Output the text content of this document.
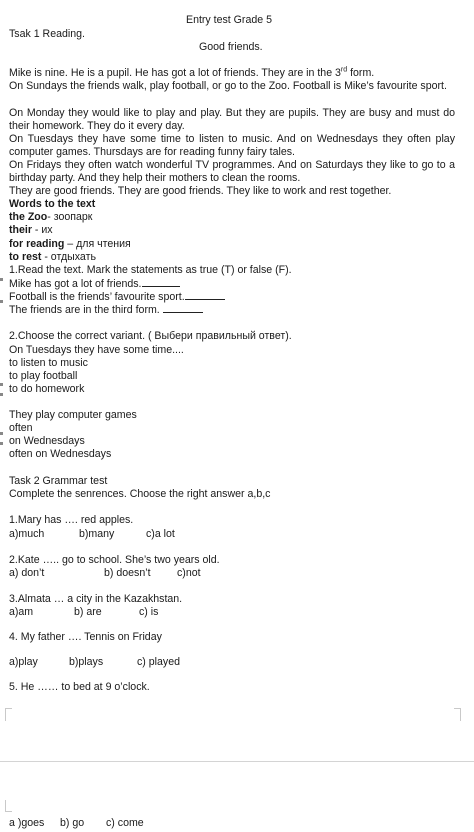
Entry test Grade 5
Tsak 1 Reading.
Good friends.
Mike is nine. He is a pupil. He has got a lot of friends. They are in the 3rd form.
On Sundays the friends walk, play football, or go to the Zoo. Football is Mike’s favourite sport.
On Monday they would like to play and play. But they are pupils. They are busy and must do their homework. They do it every day.
On Tuesdays they have some time to listen to music. And on Wednesdays they often play computer games. Thursdays are for reading funny fairy tales.
On Fridays they often watch wonderful TV programmes. And on Saturdays they like to go to a birthday party. And they help their mothers to clean the rooms.
They are good friends. They are good friends. They like to work and rest together.
Words to the text
the Zoo- зоопарк
their - их
for reading – для чтения
to rest - отдыхать
1.Read the text. Mark the statements as true (T) or false (F).
Mike has got a lot of friends.
Football is the friends’ favourite sport.
The friends are in the third form.
2.Choose the correct variant. ( Выбери правильный ответ).
On Tuesdays they have some time....
to listen to music
to play football
to do homework
They play computer games
often
on Wednesdays
often on Wednesdays
Task 2 Grammar test
Complete the senrences. Choose the right answer a,b,c
1.Mary has …. red apples.
a)much	b)many	c)a lot
2.Kate ….. go to school. She’s two years old.
a) don’t	b) doesn’t c)not
3.Almata … a city in the Kazakhstan.
a)am	b) are	c) is
4. My father …. Tennis on Friday
a)play	b)plays	c) played
5. He …… to bed at 9 o’clock.
a )goes b) go c) come
